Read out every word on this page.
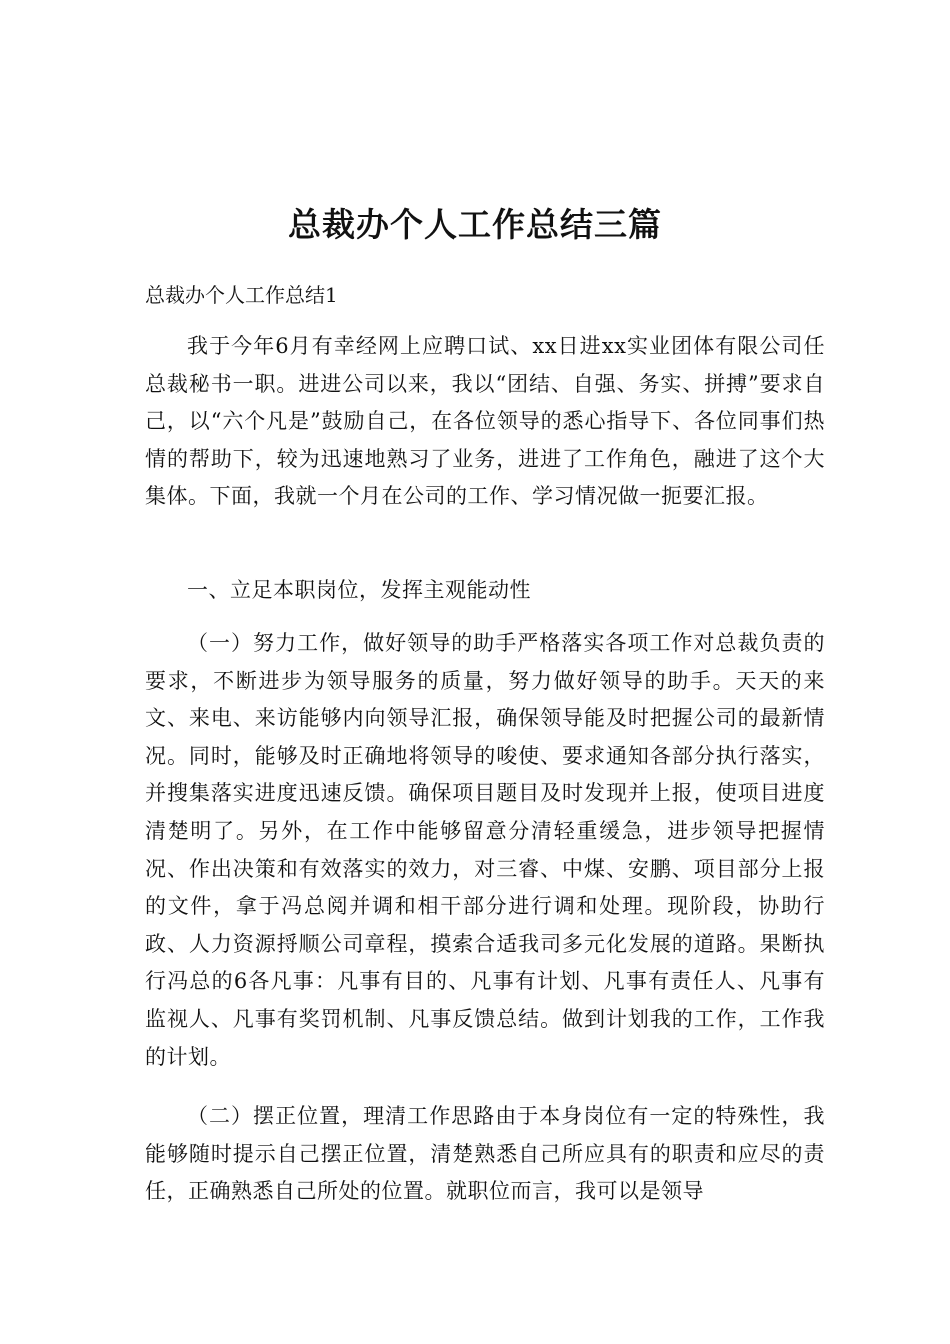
总裁办个人工作总结三篇

总裁办个人工作总结1

我于今年6月有幸经网上应聘口试、xx日进xx实业团体有限公司任总裁秘书一职。进进公司以来，我以“团结、自强、务实、拼搏”要求自己，以“六个凡是”鼓励自己，在各位领导的悉心指导下、各位同事们热情的帮助下，较为迅速地熟习了业务，进进了工作角色，融进了这个大集体。下面，我就一个月在公司的工作、学习情况做一扼要汇报。

一、立足本职岗位，发挥主观能动性

（一）努力工作，做好领导的助手严格落实各项工作对总裁负责的要求，不断进步为领导服务的质量，努力做好领导的助手。天天的来文、来电、来访能够内向领导汇报，确保领导能及时把握公司的最新情况。同时，能够及时正确地将领导的唆使、要求通知各部分执行落实，并搜集落实进度迅速反馈。确保项目题目及时发现并上报，使项目进度清楚明了。另外，在工作中能够留意分清轻重缓急，进步领导把握情况、作出决策和有效落实的效力，对三睿、中煤、安鹏、项目部分上报的文件，拿于冯总阅并调和相干部分进行调和处理。现阶段，协助行政、人力资源捋顺公司章程，摸索合适我司多元化发展的道路。果断执行冯总的6各凡事：凡事有目的、凡事有计划、凡事有责任人、凡事有监视人、凡事有奖罚机制、凡事反馈总结。做到计划我的工作，工作我的计划。

（二）摆正位置，理清工作思路由于本身岗位有一定的特殊性，我能够随时提示自己摆正位置，清楚熟悉自己所应具有的职责和应尽的责任，正确熟悉自己所处的位置。就职位而言，我可以是领导
